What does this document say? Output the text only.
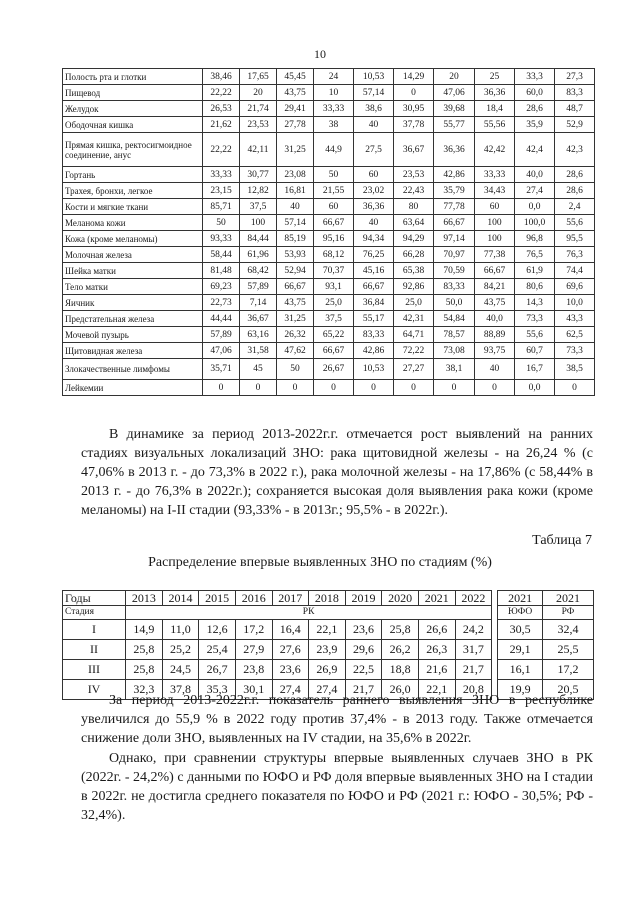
10
Полость рта и глотки	38,46	17,65	45,45	24	10,53	14,29	20	25	33,3	27,3
Пищевод	22,22	20	43,75	10	57,14	0	47,06	36,36	60,0	83,3
Желудок	26,53	21,74	29,41	33,33	38,6	30,95	39,68	18,4	28,6	48,7
Ободочная кишка	21,62	23,53	27,78	38	40	37,78	55,77	55,56	35,9	52,9
Прямая кишка, ректосигмоидное соединение, анус	22,22	42,11	31,25	44,9	27,5	36,67	36,36	42,42	42,4	42,3
Гортань	33,33	30,77	23,08	50	60	23,53	42,86	33,33	40,0	28,6
Трахея, бронхи, легкое	23,15	12,82	16,81	21,55	23,02	22,43	35,79	34,43	27,4	28,6
Кости и мягкие ткани	85,71	37,5	40	60	36,36	80	77,78	60	0,0	2,4
Меланома кожи	50	100	57,14	66,67	40	63,64	66,67	100	100,0	55,6
Кожа (кроме меланомы)	93,33	84,44	85,19	95,16	94,34	94,29	97,14	100	96,8	95,5
Молочная железа	58,44	61,96	53,93	68,12	76,25	66,28	70,97	77,38	76,5	76,3
Шейка матки	81,48	68,42	52,94	70,37	45,16	65,38	70,59	66,67	61,9	74,4
Тело матки	69,23	57,89	66,67	93,1	66,67	92,86	83,33	84,21	80,6	69,6
Яичник	22,73	7,14	43,75	25,0	36,84	25,0	50,0	43,75	14,3	10,0
Предстательная железа	44,44	36,67	31,25	37,5	55,17	42,31	54,84	40,0	73,3	43,3
Мочевой пузырь	57,89	63,16	26,32	65,22	83,33	64,71	78,57	88,89	55,6	62,5
Щитовидная железа	47,06	31,58	47,62	66,67	42,86	72,22	73,08	93,75	60,7	73,3
Злокачественные лимфомы	35,71	45	50	26,67	10,53	27,27	38,1	40	16,7	38,5
Лейкемии	0	0	0	0	0	0	0	0	0,0	0

В динамике за период 2013-2022г.г. отмечается рост выявлений на ранних стадиях визуальных локализаций ЗНО: рака щитовидной железы - на 26,24 % (с 47,06% в 2013 г. - до 73,3% в 2022 г.), рака молочной железы - на 17,86% (с 58,44% в 2013 г. - до 76,3% в 2022г.); сохраняется высокая доля выявления рака кожи (кроме меланомы) на I-II стадии (93,33% - в 2013г.; 95,5% - в 2022г.).

Таблица 7
Распределение впервые выявленных ЗНО по стадиям (%)
Годы	2013	2014	2015	2016	2017	2018	2019	2020	2021	2022		2021	2021
Стадия	РК											ЮФО	РФ
I	14,9	11,0	12,6	17,2	16,4	22,1	23,6	25,8	26,6	24,2		30,5	32,4
II	25,8	25,2	25,4	27,9	27,6	23,9	29,6	26,2	26,3	31,7		29,1	25,5
III	25,8	24,5	26,7	23,8	23,6	26,9	22,5	18,8	21,6	21,7		16,1	17,2
IV	32,3	37,8	35,3	30,1	27,4	27,4	21,7	26,0	22,1	20,8		19,9	20,5

За период 2013-2022г.г. показатель раннего выявления ЗНО в республике увеличился до 55,9 % в 2022 году против 37,4% - в 2013 году. Также отмечается снижение доли ЗНО, выявленных на IV стадии, на 35,6% в 2022г.

Однако, при сравнении структуры впервые выявленных случаев ЗНО в РК (2022г. - 24,2%) с данными по ЮФО и РФ доля впервые выявленных ЗНО на I стадии в 2022г. не достигла среднего показателя по ЮФО и РФ (2021 г.: ЮФО - 30,5%; РФ - 32,4%).
